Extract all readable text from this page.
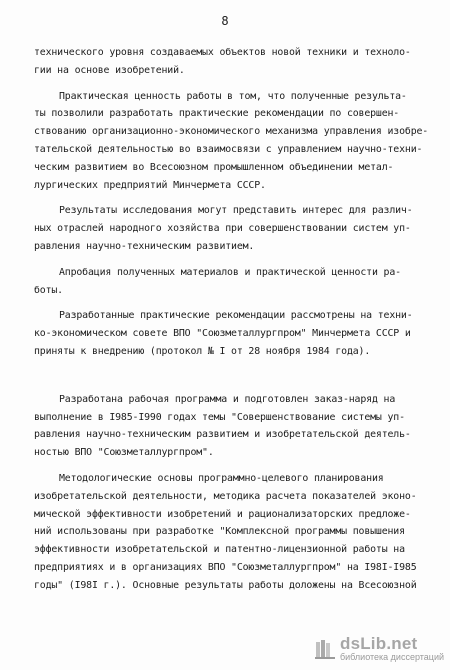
8
технического уровня создаваемых объектов новой техники и техноло-
гии на основе изобретений.
Практическая ценность работы в том, что полученные результа-
ты позволили разработать практические рекомендации по совершен-
ствованию организационно-экономического механизма управления изобре-
тательской деятельностью во взаимосвязи с управлением научно-техни-
ческим развитием во Всесоюзном промышленном объединении метал-
лургических предприятий Минчермета СССР.
Результаты исследования могут представить интерес для различ-
ных отраслей народного хозяйства при совершенствовании систем уп-
равления научно-техническим развитием.
Апробация полученных материалов и практической ценности ра-
боты.
Разработанные практические рекомендации рассмотрены на техни-
ко-экономическом совете ВПО "Союзметаллургпром" Минчермета СССР и
приняты к внедрению (протокол № I от 28 ноября 1984 года).
Разработана рабочая программа и подготовлен заказ-наряд на
выполнение в I985-I990 годах темы "Совершенствование системы уп-
равления научно-техническим развитием и изобретательской деятель-
ностью ВПО "Союзметаллургпром".
Методологические основы программно-целевого планирования
изобретательской деятельности, методика расчета показателей эконо-
мической эффективности изобретений и рационализаторских предложе-
ний использованы при разработке "Комплексной программы повышения
эффективности изобретательской и патентно-лицензионной работы на
предприятиях и в организациях ВПО "Союзметаллургпром" на I98I-I985
годы" (I98I г.). Основные результаты работы доложены на Всесоюзной
dsLib.net
библиотека диссертаций
